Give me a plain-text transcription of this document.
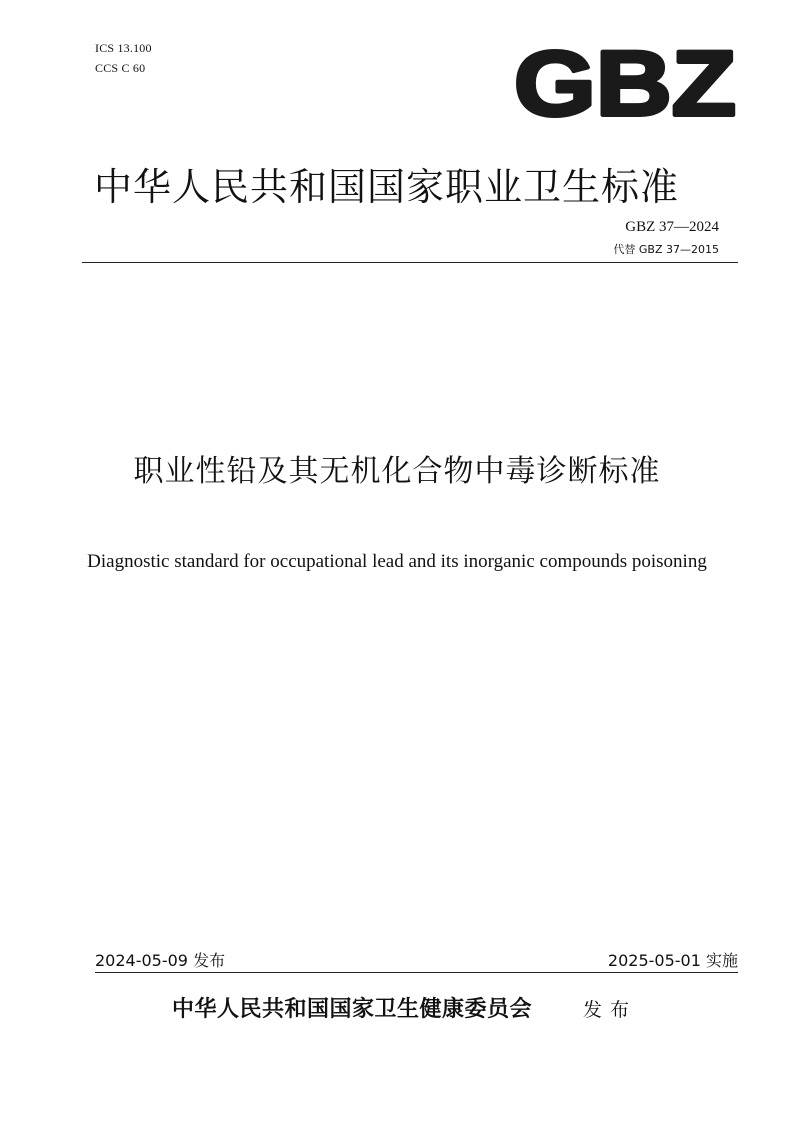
ICS 13.100
CCS C 60	GBZ
中华人民共和国国家职业卫生标准
GBZ 37—2024
代替 GBZ 37—2015
职业性铅及其无机化合物中毒诊断标准
Diagnostic standard for occupational lead and its inorganic compounds poisoning
2024-05-09 发布	2025-05-01 实施
中华人民共和国国家卫生健康委员会	发布
